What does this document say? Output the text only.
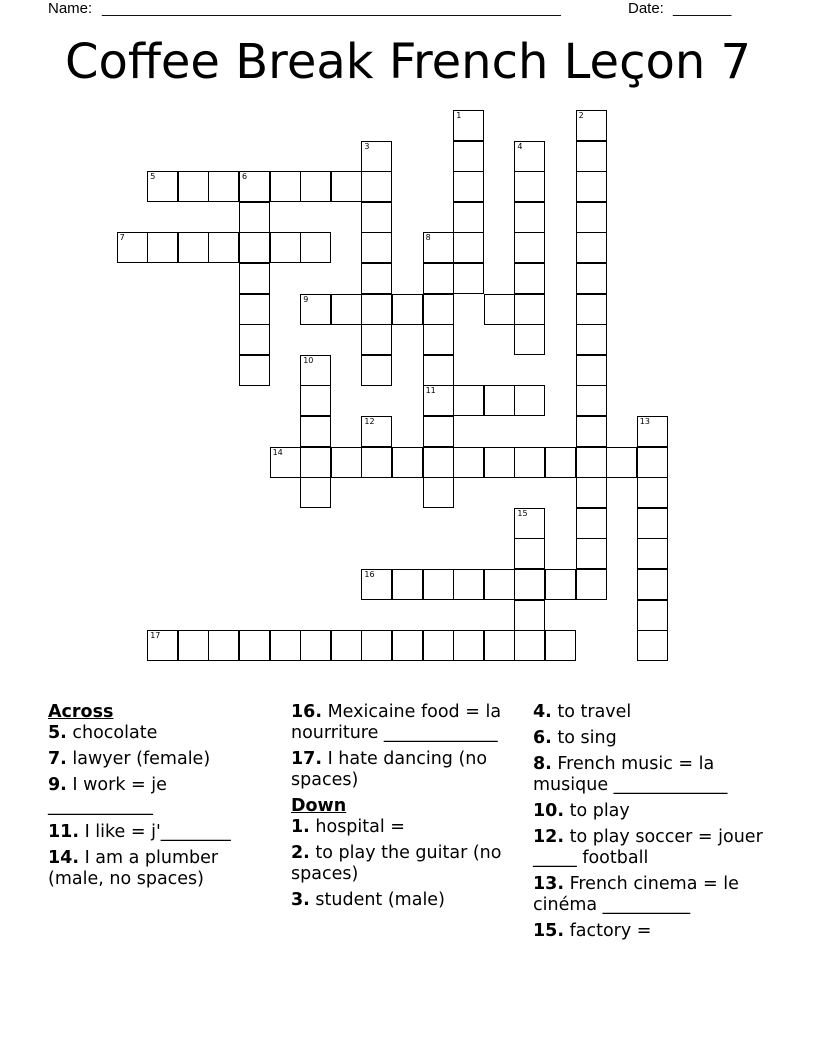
Name: _______________________________________________________	Date: _______
Coffee Break French Leçon 7
1	2
3	4
5	6
7	8
11
9
10
12	13
14
15
16
17
Across
5. chocolate
7. lawyer (female)
9. I work = je ____________
11. I like = j'________
14. I am a plumber (male, no spaces)
16. Mexicaine food = la nourriture _____________
17. I hate dancing (no spaces)
Down
1. hospital =
2. to play the guitar (no spaces)
3. student (male)
4. to travel
6. to sing
8. French music = la musique _____________
10. to play
12. to play soccer = jouer _____ football
13. French cinema = le cinéma __________
15. factory =
